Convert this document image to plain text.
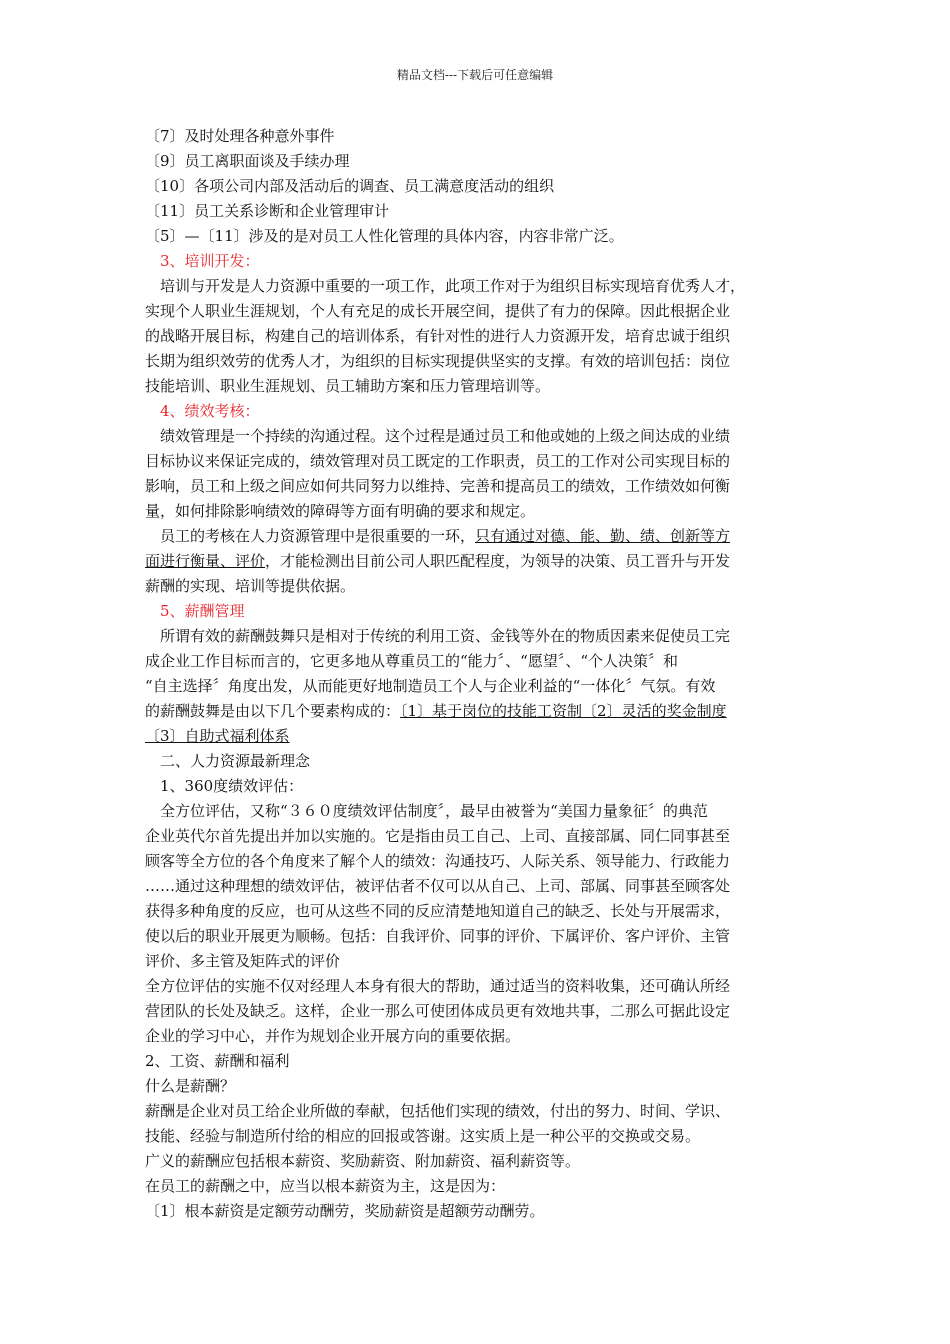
精品文档---下载后可任意编辑
〔7〕及时处理各种意外事件
〔9〕员工离职面谈及手续办理
〔10〕各项公司内部及活动后的调查、员工满意度活动的组织
〔11〕员工关系诊断和企业管理审计
〔5〕—〔11〕涉及的是对员工人性化管理的具体内容，内容非常广泛。
3、培训开发：
培训与开发是人力资源中重要的一项工作，此项工作对于为组织目标实现培育优秀人才，
实现个人职业生涯规划，个人有充足的成长开展空间，提供了有力的保障。因此根据企业
的战略开展目标，构建自己的培训体系，有针对性的进行人力资源开发，培育忠诚于组织
长期为组织效劳的优秀人才，为组织的目标实现提供坚实的支撑。有效的培训包括：岗位
技能培训、职业生涯规划、员工辅助方案和压力管理培训等。
4、绩效考核：
绩效管理是一个持续的沟通过程。这个过程是通过员工和他或她的上级之间达成的业绩
目标协议来保证完成的，绩效管理对员工既定的工作职责，员工的工作对公司实现目标的
影响，员工和上级之间应如何共同努力以维持、完善和提高员工的绩效，工作绩效如何衡
量，如何排除影响绩效的障碍等方面有明确的要求和规定。
员工的考核在人力资源管理中是很重要的一环，只有通过对德、能、勤、绩、创新等方
面进行衡量、评价，才能检测出目前公司人职匹配程度，为领导的决策、员工晋升与开发
薪酬的实现、培训等提供依据。
5、薪酬管理
所谓有效的薪酬鼓舞只是相对于传统的利用工资、金钱等外在的物质因素来促使员工完
成企业工作目标而言的，它更多地从尊重员工的“能力〞、“愿望〞、“个人决策〞和
“自主选择〞角度出发，从而能更好地制造员工个人与企业利益的“一体化〞气氛。有效
的薪酬鼓舞是由以下几个要素构成的：〔1〕基于岗位的技能工资制〔2〕灵活的奖金制度
〔3〕自助式福利体系
二、人力资源最新理念
1、360度绩效评估：
全方位评估，又称“３６０度绩效评估制度〞，最早由被誉为“美国力量象征〞的典范
企业英代尔首先提出并加以实施的。它是指由员工自己、上司、直接部属、同仁同事甚至
顾客等全方位的各个角度来了解个人的绩效：沟通技巧、人际关系、领导能力、行政能力
……通过这种理想的绩效评估，被评估者不仅可以从自己、上司、部属、同事甚至顾客处
获得多种角度的反应，也可从这些不同的反应清楚地知道自己的缺乏、长处与开展需求，
使以后的职业开展更为顺畅。包括：自我评价、同事的评价、下属评价、客户评价、主管
评价、多主管及矩阵式的评价
全方位评估的实施不仅对经理人本身有很大的帮助，通过适当的资料收集，还可确认所经
营团队的长处及缺乏。这样，企业一那么可使团体成员更有效地共事，二那么可据此设定
企业的学习中心，并作为规划企业开展方向的重要依据。
2、工资、薪酬和福利
什么是薪酬？
薪酬是企业对员工给企业所做的奉献，包括他们实现的绩效，付出的努力、时间、学识、
技能、经验与制造所付给的相应的回报或答谢。这实质上是一种公平的交换或交易。
广义的薪酬应包括根本薪资、奖励薪资、附加薪资、福利薪资等。
在员工的薪酬之中，应当以根本薪资为主，这是因为：
〔1〕根本薪资是定额劳动酬劳，奖励薪资是超额劳动酬劳。
